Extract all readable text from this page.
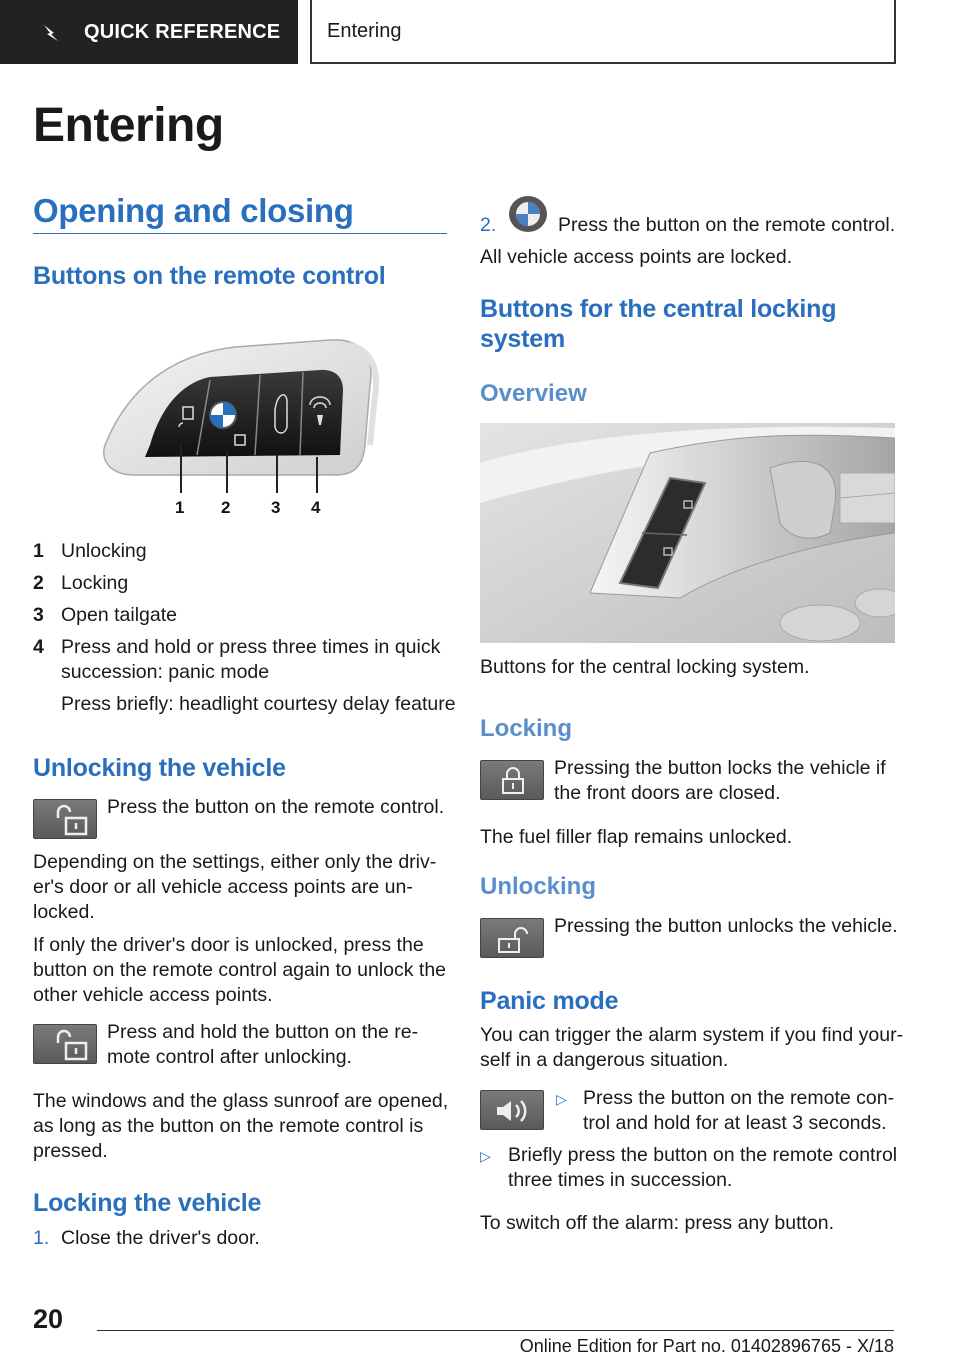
QUICK REFERENCE Entering
Entering
Opening and closing
Buttons on the remote control
1 2 3 4
1 Unlocking
2 Locking
3 Open tailgate
4 Press and hold or press three times in quick
succession: panic mode
Press briefly: headlight courtesy delay feature
Unlocking the vehicle
Press the button on the remote control.
Depending on the settings, either only the driv-
er's door or all vehicle access points are un-
locked.
If only the driver's door is unlocked, press the
button on the remote control again to unlock the
other vehicle access points.
Press and hold the button on the re-
mote control after unlocking.
The windows and the glass sunroof are opened,
as long as the button on the remote control is
pressed.
Locking the vehicle
1. Close the driver's door.
2.	Press the button on the remote control.
All vehicle access points are locked.
Buttons for the central locking
system
Overview
Buttons for the central locking system.
Locking
Pressing the button locks the vehicle if
the front doors are closed.
The fuel filler flap remains unlocked.
Unlocking
Pressing the button unlocks the vehicle.
Panic mode
You can trigger the alarm system if you find your-
self in a dangerous situation.
▷ Press the button on the remote con-
trol and hold for at least 3 seconds.
▷ Briefly press the button on the remote control
three times in succession.
To switch off the alarm: press any button.
20
Online Edition for Part no. 01402896765 - X/18
